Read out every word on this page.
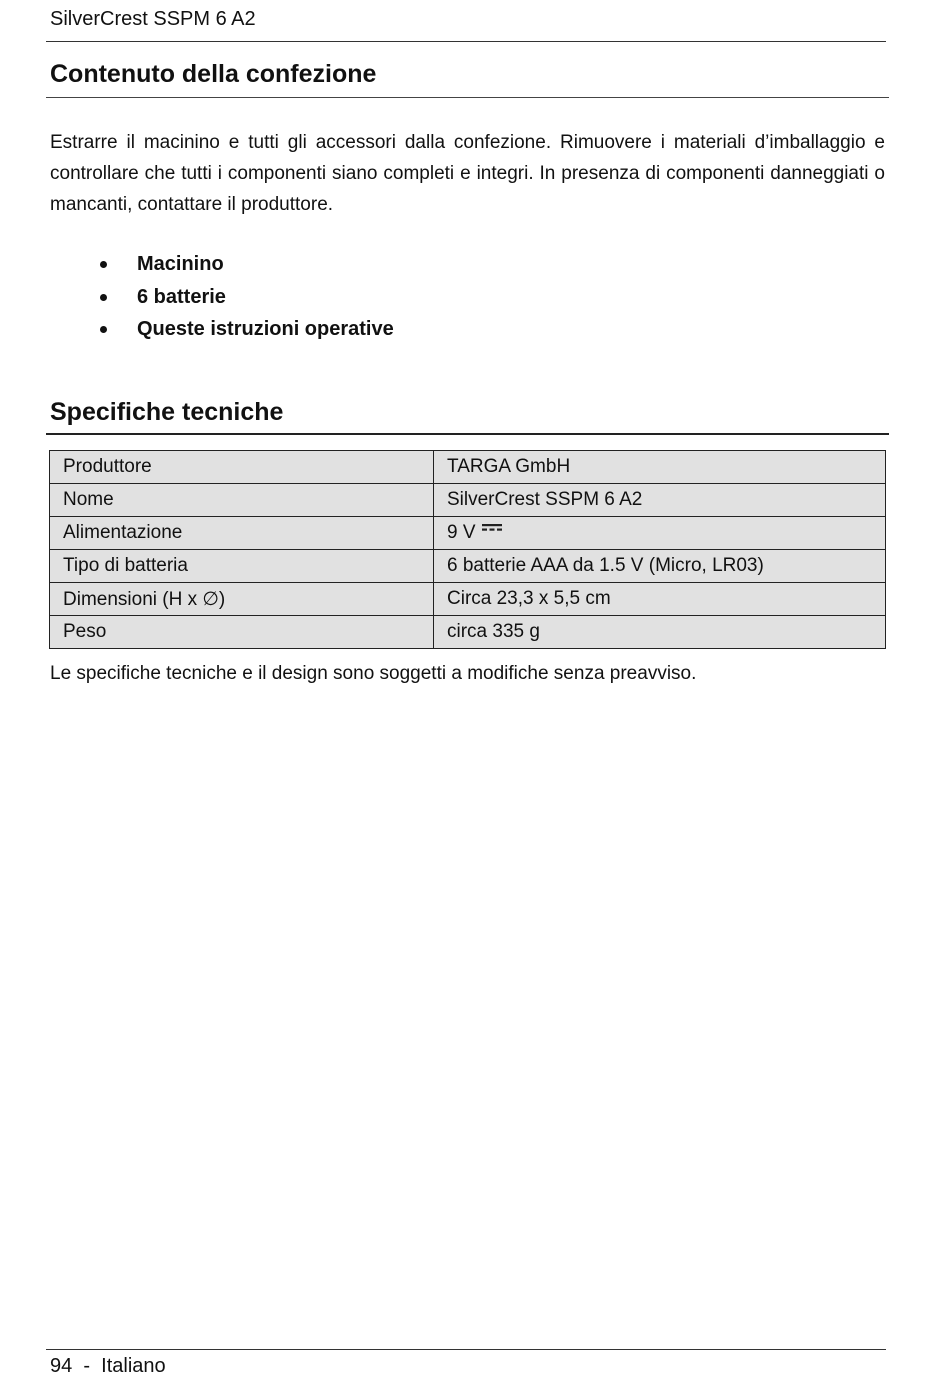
SilverCrest SSPM 6 A2
Contenuto della confezione

Estrarre il macinino e tutti gli accessori dalla confezione. Rimuovere i materiali d’imballaggio e controllare che tutti i componenti siano completi e integri. In presenza di componenti danneggiati o mancanti, contattare il produttore.

Macinino
6 batterie
Queste istruzioni operative
Specifiche tecniche
Produttore	TARGA GmbH
Nome	SilverCrest SSPM 6 A2
Alimentazione	9 V
Tipo di batteria	6 batterie AAA da 1.5 V (Micro, LR03)
Dimensioni (H x ∅)	Circa 23,3 x 5,5 cm
Peso	circa 335 g

Le specifiche tecniche e il design sono soggetti a modifiche senza preavviso.

94  -  Italiano
